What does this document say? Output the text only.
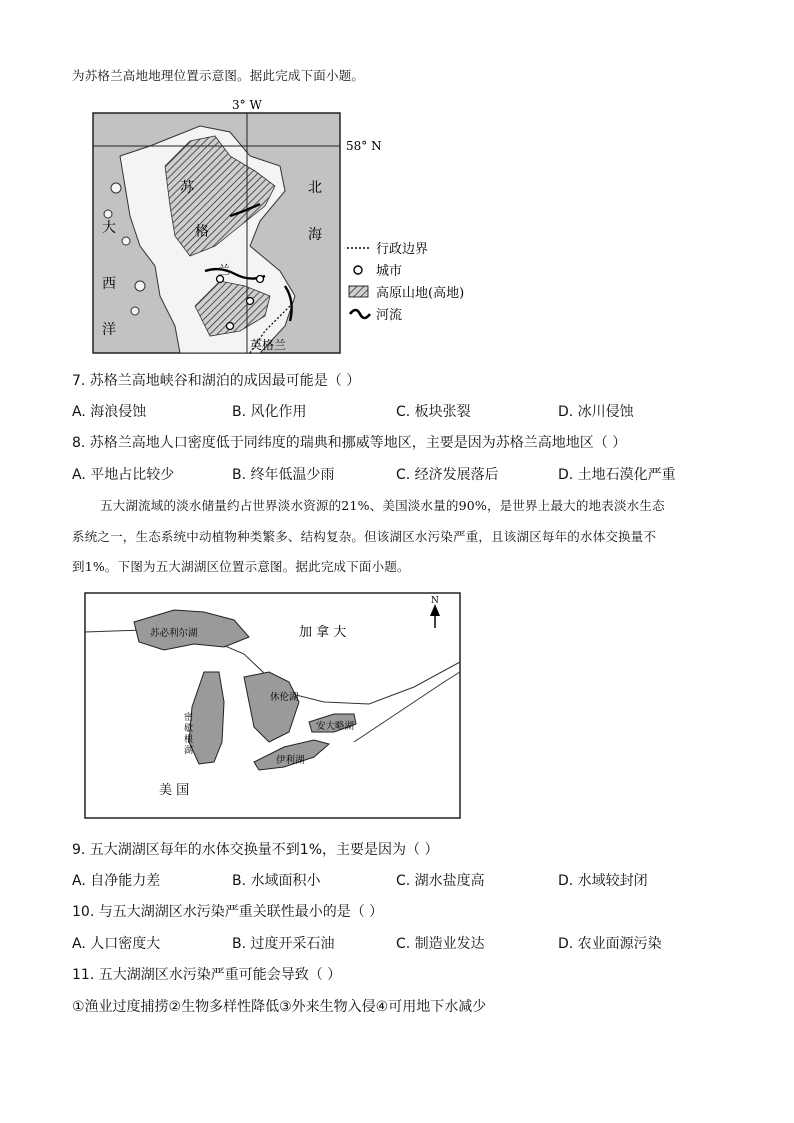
为苏格兰高地地理位置示意图。据此完成下面小题。
3° W
58° N
北
海
大
西
洋
苏
格
兰
英格兰
行政边界
城市
高原山地(高地)
河流
7. 苏格兰高地峡谷和湖泊的成因最可能是（ ）
A. 海浪侵蚀	B. 风化作用	C. 板块张裂	D. 冰川侵蚀
8. 苏格兰高地人口密度低于同纬度的瑞典和挪威等地区，主要是因为苏格兰高地地区（ ）
A. 平地占比较少	B. 终年低温少雨	C. 经济发展落后	D. 土地石漠化严重
五大湖流域的淡水储量约占世界淡水资源的21%、美国淡水量的90%，是世界上最大的地表淡水生态
系统之一，生态系统中动植物种类繁多、结构复杂。但该湖区水污染严重，且该湖区每年的水体交换量不
到1%。下图为五大湖湖区位置示意图。据此完成下面小题。
N
加 拿 大
美 国
苏必利尔湖
密
歇
根
湖
休伦湖
安大略湖
伊利湖
9. 五大湖湖区每年的水体交换量不到1%，主要是因为（ ）
A. 自净能力差	B. 水域面积小	C. 湖水盐度高	D. 水域较封闭
10. 与五大湖湖区水污染严重关联性最小的是（ ）
A. 人口密度大	B. 过度开采石油	C. 制造业发达	D. 农业面源污染
11. 五大湖湖区水污染严重可能会导致（ ）
①渔业过度捕捞②生物多样性降低③外来生物入侵④可用地下水减少
